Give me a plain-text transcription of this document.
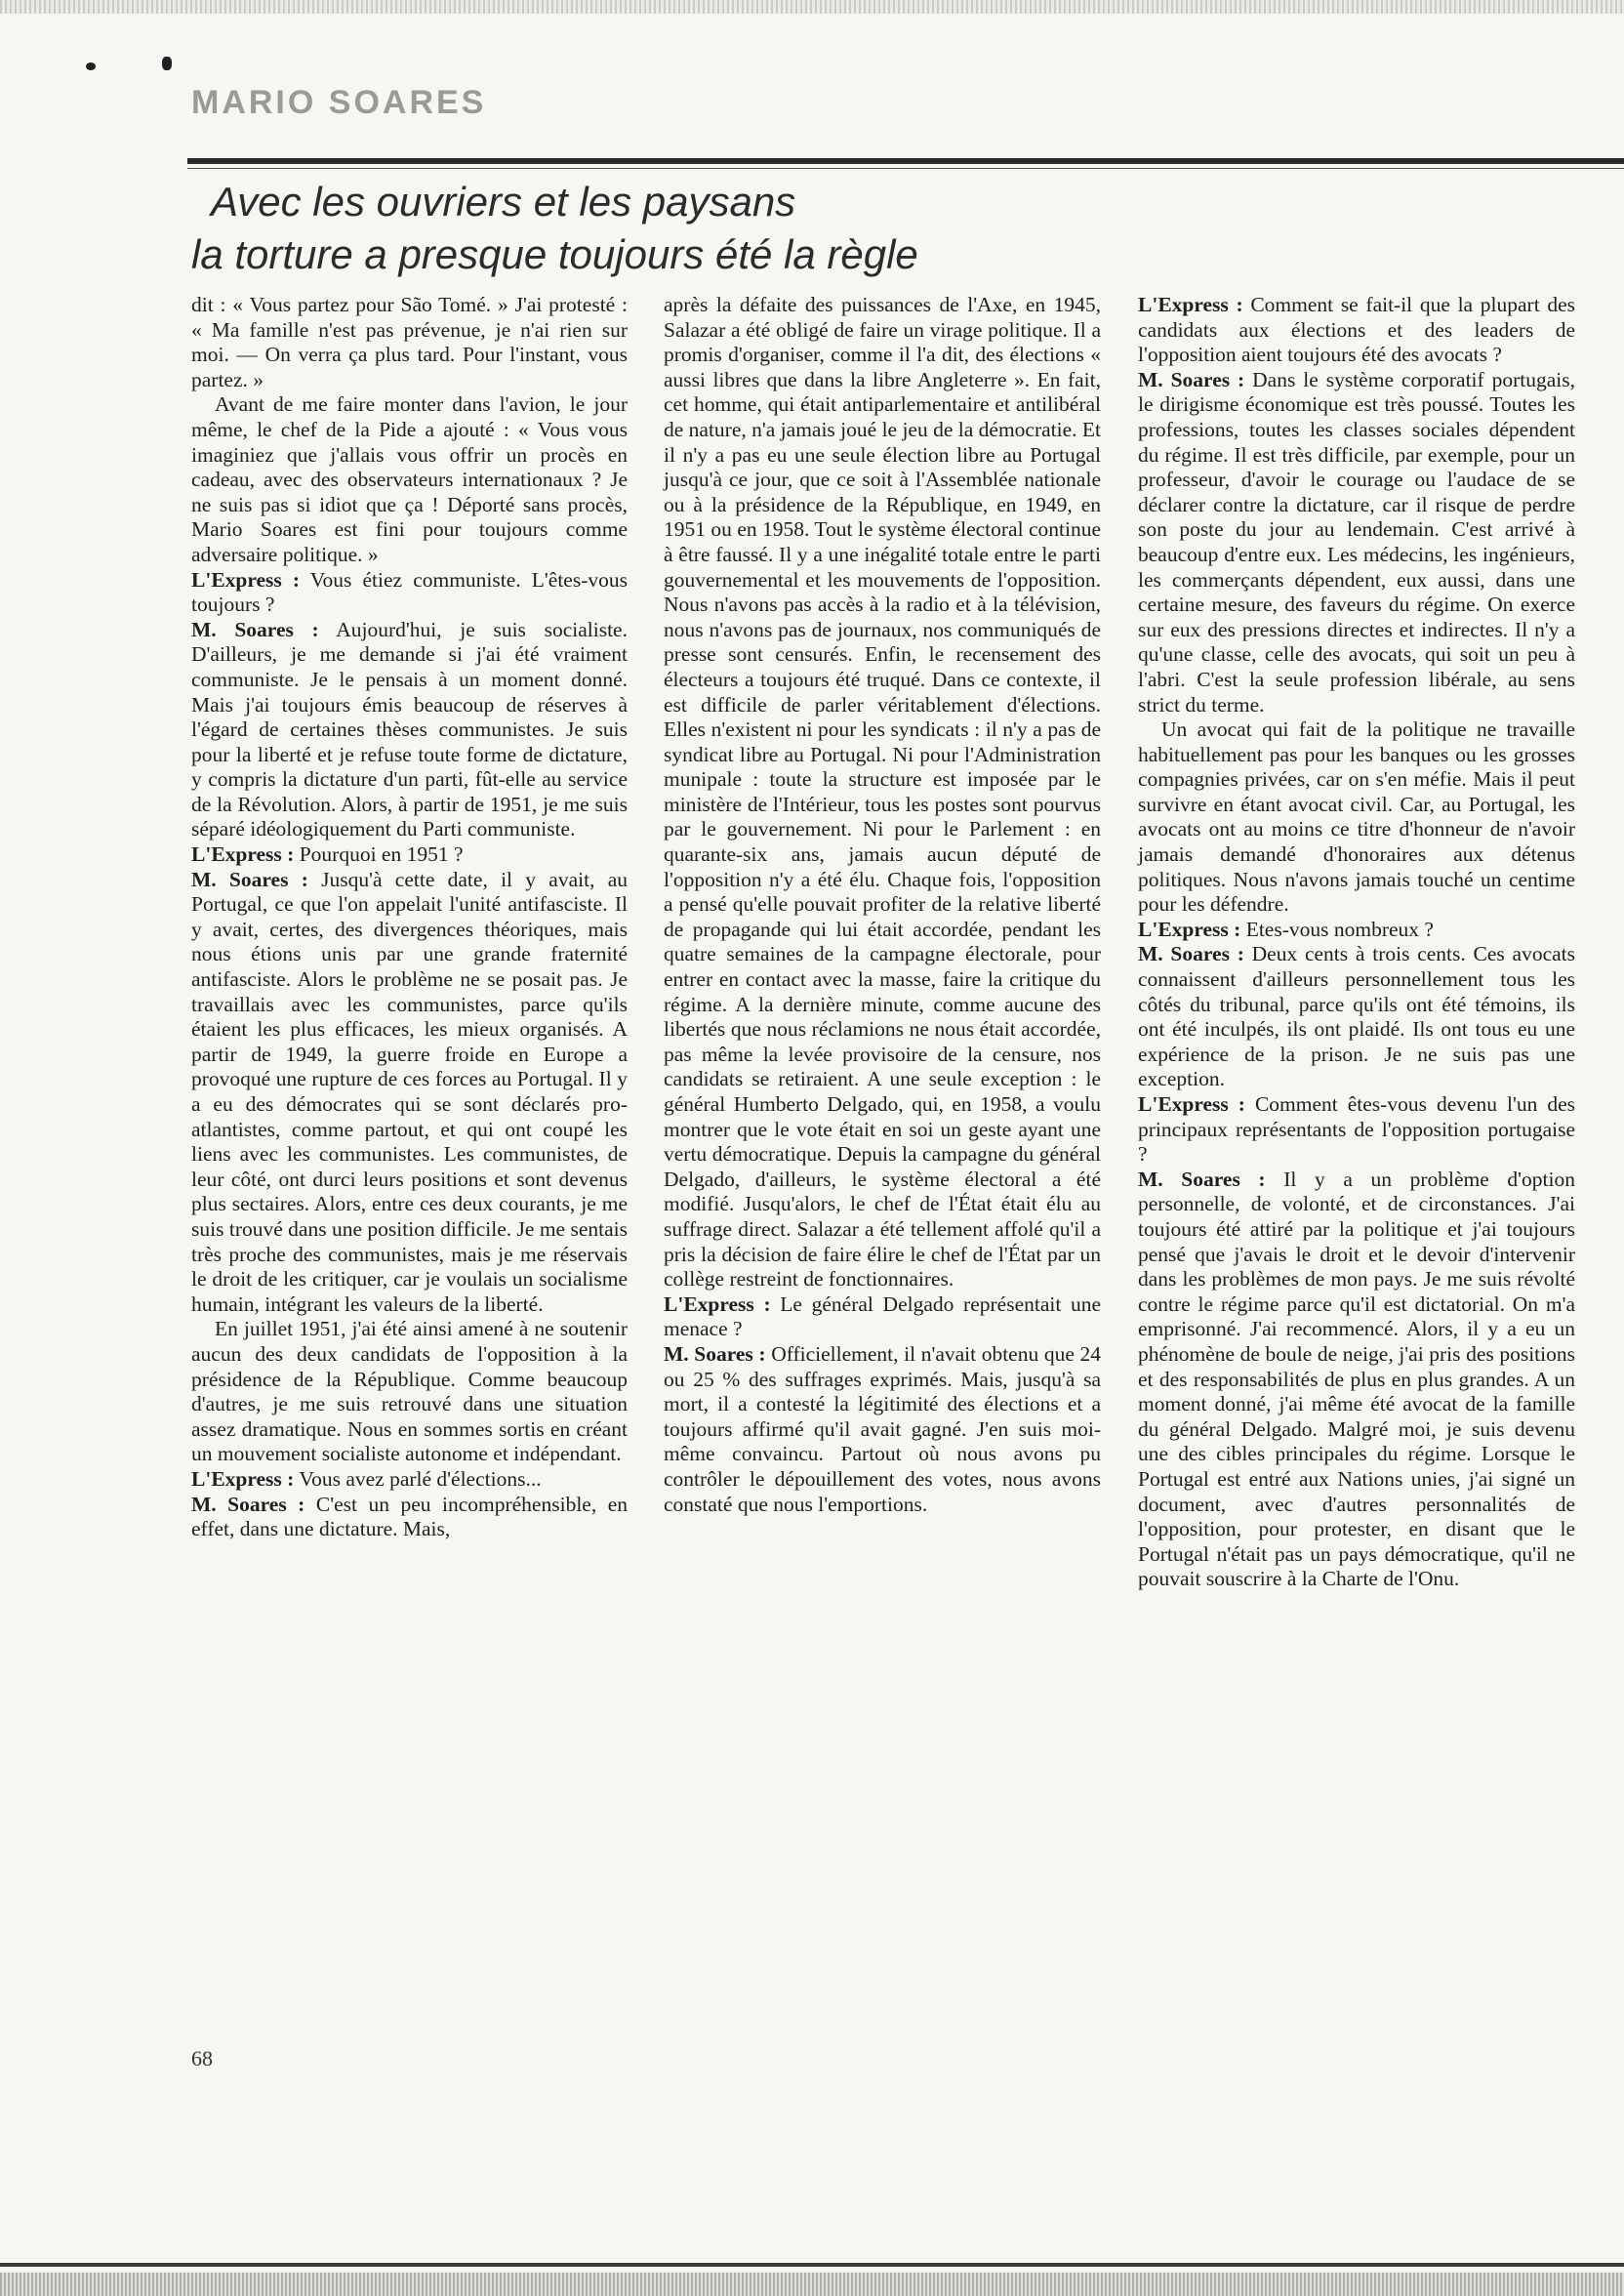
MARIO SOARES
Avec les ouvriers et les paysans
la torture a presque toujours été la règle

dit : « Vous partez pour São Tomé. » J'ai protesté : « Ma famille n'est pas prévenue, je n'ai rien sur moi. — On verra ça plus tard. Pour l'instant, vous partez. »

Avant de me faire monter dans l'avion, le jour même, le chef de la Pide a ajouté : « Vous vous imaginiez que j'allais vous offrir un procès en cadeau, avec des observateurs internationaux ? Je ne suis pas si idiot que ça ! Déporté sans procès, Mario Soares est fini pour toujours comme adversaire politique. »

L'Express : Vous étiez communiste. L'êtes-vous toujours ?

M. Soares : Aujourd'hui, je suis socialiste. D'ailleurs, je me demande si j'ai été vraiment communiste. Je le pensais à un moment donné. Mais j'ai toujours émis beaucoup de réserves à l'égard de certaines thèses communistes. Je suis pour la liberté et je refuse toute forme de dictature, y compris la dictature d'un parti, fût-elle au service de la Révolution. Alors, à partir de 1951, je me suis séparé idéologiquement du Parti communiste.

L'Express : Pourquoi en 1951 ?

M. Soares : Jusqu'à cette date, il y avait, au Portugal, ce que l'on appelait l'unité antifasciste. Il y avait, certes, des divergences théoriques, mais nous étions unis par une grande fraternité antifasciste. Alors le problème ne se posait pas. Je travaillais avec les communistes, parce qu'ils étaient les plus efficaces, les mieux organisés. A partir de 1949, la guerre froide en Europe a provoqué une rupture de ces forces au Portugal. Il y a eu des démocrates qui se sont déclarés pro-atlantistes, comme partout, et qui ont coupé les liens avec les communistes. Les communistes, de leur côté, ont durci leurs positions et sont devenus plus sectaires. Alors, entre ces deux courants, je me suis trouvé dans une position difficile. Je me sentais très proche des communistes, mais je me réservais le droit de les critiquer, car je voulais un socialisme humain, intégrant les valeurs de la liberté.

En juillet 1951, j'ai été ainsi amené à ne soutenir aucun des deux candidats de l'opposition à la présidence de la République. Comme beaucoup d'autres, je me suis retrouvé dans une situation assez dramatique. Nous en sommes sortis en créant un mouvement socialiste autonome et indépendant.

L'Express : Vous avez parlé d'élections...

M. Soares : C'est un peu incompréhensible, en effet, dans une dictature. Mais,

après la défaite des puissances de l'Axe, en 1945, Salazar a été obligé de faire un virage politique. Il a promis d'organiser, comme il l'a dit, des élections « aussi libres que dans la libre Angleterre ». En fait, cet homme, qui était antiparlementaire et antilibéral de nature, n'a jamais joué le jeu de la démocratie. Et il n'y a pas eu une seule élection libre au Portugal jusqu'à ce jour, que ce soit à l'Assemblée nationale ou à la présidence de la République, en 1949, en 1951 ou en 1958. Tout le système électoral continue à être faussé. Il y a une inégalité totale entre le parti gouvernemental et les mouvements de l'opposition. Nous n'avons pas accès à la radio et à la télévision, nous n'avons pas de journaux, nos communiqués de presse sont censurés. Enfin, le recensement des électeurs a toujours été truqué. Dans ce contexte, il est difficile de parler véritablement d'élections. Elles n'existent ni pour les syndicats : il n'y a pas de syndicat libre au Portugal. Ni pour l'Administration munipale : toute la structure est imposée par le ministère de l'Intérieur, tous les postes sont pourvus par le gouvernement. Ni pour le Parlement : en quarante-six ans, jamais aucun député de l'opposition n'y a été élu. Chaque fois, l'opposition a pensé qu'elle pouvait profiter de la relative liberté de propagande qui lui était accordée, pendant les quatre semaines de la campagne électorale, pour entrer en contact avec la masse, faire la critique du régime. A la dernière minute, comme aucune des libertés que nous réclamions ne nous était accordée, pas même la levée provisoire de la censure, nos candidats se retiraient. A une seule exception : le général Humberto Delgado, qui, en 1958, a voulu montrer que le vote était en soi un geste ayant une vertu démocratique. Depuis la campagne du général Delgado, d'ailleurs, le système électoral a été modifié. Jusqu'alors, le chef de l'État était élu au suffrage direct. Salazar a été tellement affolé qu'il a pris la décision de faire élire le chef de l'État par un collège restreint de fonctionnaires.

L'Express : Le général Delgado représentait une menace ?

M. Soares : Officiellement, il n'avait obtenu que 24 ou 25 % des suffrages exprimés. Mais, jusqu'à sa mort, il a contesté la légitimité des élections et a toujours affirmé qu'il avait gagné. J'en suis moi-même convaincu. Partout où nous avons pu contrôler le dépouillement des votes, nous avons constaté que nous l'emportions.

L'Express : Comment se fait-il que la plupart des candidats aux élections et des leaders de l'opposition aient toujours été des avocats ?

M. Soares : Dans le système corporatif portugais, le dirigisme économique est très poussé. Toutes les professions, toutes les classes sociales dépendent du régime. Il est très difficile, par exemple, pour un professeur, d'avoir le courage ou l'audace de se déclarer contre la dictature, car il risque de perdre son poste du jour au lendemain. C'est arrivé à beaucoup d'entre eux. Les médecins, les ingénieurs, les commerçants dépendent, eux aussi, dans une certaine mesure, des faveurs du régime. On exerce sur eux des pressions directes et indirectes. Il n'y a qu'une classe, celle des avocats, qui soit un peu à l'abri. C'est la seule profession libérale, au sens strict du terme.

Un avocat qui fait de la politique ne travaille habituellement pas pour les banques ou les grosses compagnies privées, car on s'en méfie. Mais il peut survivre en étant avocat civil. Car, au Portugal, les avocats ont au moins ce titre d'honneur de n'avoir jamais demandé d'honoraires aux détenus politiques. Nous n'avons jamais touché un centime pour les défendre.

L'Express : Etes-vous nombreux ?

M. Soares : Deux cents à trois cents. Ces avocats connaissent d'ailleurs personnellement tous les côtés du tribunal, parce qu'ils ont été témoins, ils ont été inculpés, ils ont plaidé. Ils ont tous eu une expérience de la prison. Je ne suis pas une exception.

L'Express : Comment êtes-vous devenu l'un des principaux représentants de l'opposition portugaise ?

M. Soares : Il y a un problème d'option personnelle, de volonté, et de circonstances. J'ai toujours été attiré par la politique et j'ai toujours pensé que j'avais le droit et le devoir d'intervenir dans les problèmes de mon pays. Je me suis révolté contre le régime parce qu'il est dictatorial. On m'a emprisonné. J'ai recommencé. Alors, il y a eu un phénomène de boule de neige, j'ai pris des positions et des responsabilités de plus en plus grandes. A un moment donné, j'ai même été avocat de la famille du général Delgado. Malgré moi, je suis devenu une des cibles principales du régime. Lorsque le Portugal est entré aux Nations unies, j'ai signé un document, avec d'autres personnalités de l'opposition, pour protester, en disant que le Portugal n'était pas un pays démocratique, qu'il ne pouvait souscrire à la Charte de l'Onu.

68
